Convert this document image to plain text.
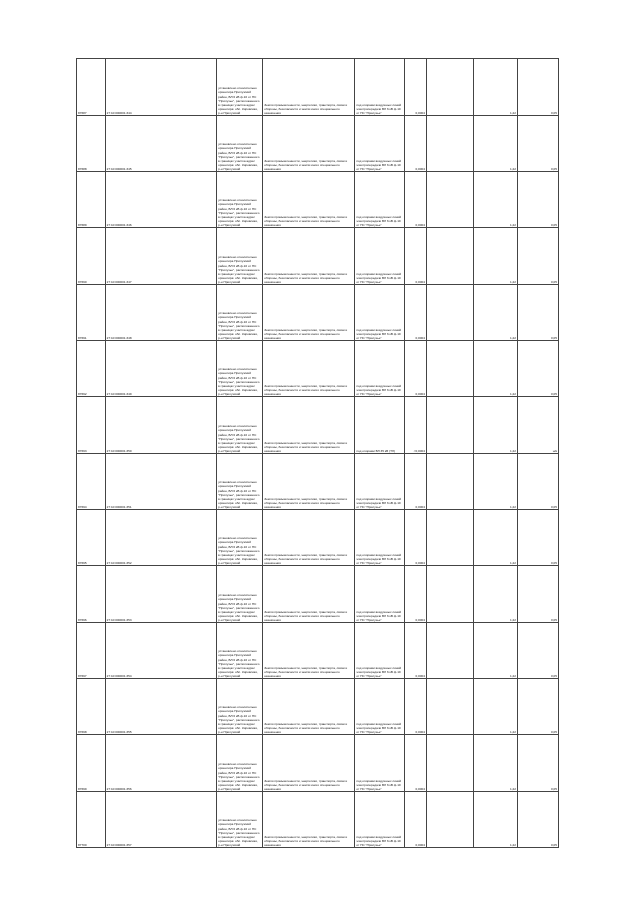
87687	27:10:000001:344	установлено относительно ориентира Прилузский район, ВЛ 6 кВ ф.10 от ПС "Прилузье", расположенного в границах участка адрес ориентира: обл. Кировская, р-н Прилузский	Земли промышленности, энергетики, транспорта, связи и обороны, безопасности и земли иного специального назначения	под опорами воздушных линий электропередачи ВЛ 6 кВ ф.10 от ПС "Прилузье"	0,0004		1,22	0,05
87688	27:10:000001:345	установлено относительно ориентира Прилузский район, ВЛ 6 кВ ф.10 от ПС "Прилузье", расположенного в границах участка адрес ориентира: обл. Кировская, р-н Прилузский	Земли промышленности, энергетики, транспорта, связи и обороны, безопасности и земли иного специального назначения	под опорами воздушных линий электропередачи ВЛ 6 кВ ф.10 от ПС "Прилузье"	0,0004		1,22	0,05
87689	27:10:000001:346	установлено относительно ориентира Прилузский район, ВЛ 6 кВ ф.10 от ПС "Прилузье", расположенного в границах участка адрес ориентира: обл. Кировская, р-н Прилузский	Земли промышленности, энергетики, транспорта, связи и обороны, безопасности и земли иного специального назначения	под опорами воздушных линий электропередачи ВЛ 6 кВ ф.10 от ПС "Прилузье"	0,0004		1,22	0,05
87690	27:10:000001:347	установлено относительно ориентира Прилузский район, ВЛ 6 кВ ф.10 от ПС "Прилузье", расположенного в границах участка адрес ориентира: обл. Кировская, р-н Прилузский	Земли промышленности, энергетики, транспорта, связи и обороны, безопасности и земли иного специального назначения	под опорами воздушных линий электропередачи ВЛ 6 кВ ф.10 от ПС "Прилузье"	0,0004		1,22	0,05
87691	27:10:000001:348	установлено относительно ориентира Прилузский район, ВЛ 6 кВ ф.10 от ПС "Прилузье", расположенного в границах участка адрес ориентира: обл. Кировская, р-н Прилузский	Земли промышленности, энергетики, транспорта, связи и обороны, безопасности и земли иного специального назначения	под опорами воздушных линий электропередачи ВЛ 6 кВ ф.10 от ПС "Прилузье"	0,0004		1,22	0,05
87692	27:10:000001:349	установлено относительно ориентира Прилузский район, ВЛ 6 кВ ф.10 от ПС "Прилузье", расположенного в границах участка адрес ориентира: обл. Кировская, р-н Прилузский	Земли промышленности, энергетики, транспорта, связи и обороны, безопасности и земли иного специального назначения	под опорами воздушных линий электропередачи ВЛ 6 кВ ф.10 от ПС "Прилузье"	0,0004		1,22	0,05
87693	27:10:000001:350	установлено относительно ориентира Прилузский район, ВЛ 6 кВ ф.10 от ПС "Прилузье", расположенного в границах участка адрес ориентира: обл. Кировская, р-н Прилузский	Земли промышленности, энергетики, транспорта, связи и обороны, безопасности и земли иного специального назначения	под опорами ВЛ 35 кВ (ТЛ)	<0,0004		1,22	н/в
87694	27:10:000001:351	установлено относительно ориентира Прилузский район, ВЛ 6 кВ ф.10 от ПС "Прилузье", расположенного в границах участка адрес ориентира: обл. Кировская, р-н Прилузский	Земли промышленности, энергетики, транспорта, связи и обороны, безопасности и земли иного специального назначения	под опорами воздушных линий электропередачи ВЛ 6 кВ ф.10 от ПС "Прилузье"	0,0004		1,22	0,05
87695	27:10:000001:352	установлено относительно ориентира Прилузский район, ВЛ 6 кВ ф.10 от ПС "Прилузье", расположенного в границах участка адрес ориентира: обл. Кировская, р-н Прилузский	Земли промышленности, энергетики, транспорта, связи и обороны, безопасности и земли иного специального назначения	под опорами воздушных линий электропередачи ВЛ 6 кВ ф.10 от ПС "Прилузье"	0,0004		1,22	0,05
87696	27:10:000001:353	установлено относительно ориентира Прилузский район, ВЛ 6 кВ ф.10 от ПС "Прилузье", расположенного в границах участка адрес ориентира: обл. Кировская, р-н Прилузский	Земли промышленности, энергетики, транспорта, связи и обороны, безопасности и земли иного специального назначения	под опорами воздушных линий электропередачи ВЛ 6 кВ ф.10 от ПС "Прилузье"	0,0004		1,22	0,05
87697	27:10:000001:354	установлено относительно ориентира Прилузский район, ВЛ 6 кВ ф.10 от ПС "Прилузье", расположенного в границах участка адрес ориентира: обл. Кировская, р-н Прилузский	Земли промышленности, энергетики, транспорта, связи и обороны, безопасности и земли иного специального назначения	под опорами воздушных линий электропередачи ВЛ 6 кВ ф.10 от ПС "Прилузье"	0,0004		1,22	0,05
87698	27:10:000001:355	установлено относительно ориентира Прилузский район, ВЛ 6 кВ ф.10 от ПС "Прилузье", расположенного в границах участка адрес ориентира: обл. Кировская, р-н Прилузский	Земли промышленности, энергетики, транспорта, связи и обороны, безопасности и земли иного специального назначения	под опорами воздушных линий электропередачи ВЛ 6 кВ ф.10 от ПС "Прилузье"	0,0004		1,22	0,05
87699	27:10:000001:356	установлено относительно ориентира Прилузский район, ВЛ 6 кВ ф.10 от ПС "Прилузье", расположенного в границах участка адрес ориентира: обл. Кировская, р-н Прилузский	Земли промышленности, энергетики, транспорта, связи и обороны, безопасности и земли иного специального назначения	под опорами воздушных линий электропередачи ВЛ 6 кВ ф.10 от ПС "Прилузье"	0,0004		1,22	0,05
87700	27:10:000001:357	установлено относительно ориентира Прилузский район, ВЛ 6 кВ ф.10 от ПС "Прилузье", расположенного в границах участка адрес ориентира: обл. Кировская, р-н Прилузский	Земли промышленности, энергетики, транспорта, связи и обороны, безопасности и земли иного специального назначения	под опорами воздушных линий электропередачи ВЛ 6 кВ ф.10 от ПС "Прилузье"	0,0004		1,22	0,05
